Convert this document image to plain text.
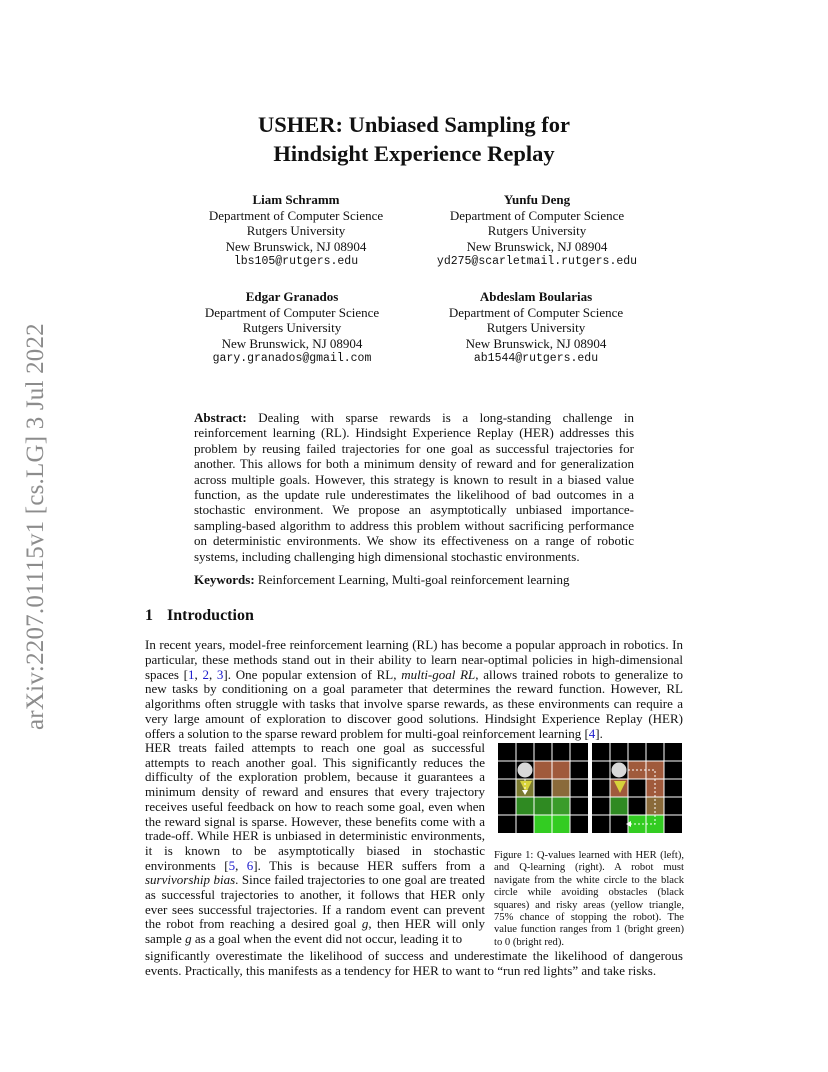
arXiv:2207.01115v1 [cs.LG] 3 Jul 2022
USHER: Unbiased Sampling for
Hindsight Experience Replay
Liam Schramm
Department of Computer Science
Rutgers University
New Brunswick, NJ 08904
lbs105@rutgers.edu
Yunfu Deng
Department of Computer Science
Rutgers University
New Brunswick, NJ 08904
yd275@scarletmail.rutgers.edu
Edgar Granados
Department of Computer Science
Rutgers University
New Brunswick, NJ 08904
gary.granados@gmail.com
Abdeslam Boularias
Department of Computer Science
Rutgers University
New Brunswick, NJ 08904
ab1544@rutgers.edu
Abstract: Dealing with sparse rewards is a long-standing challenge in reinforcement learning (RL). Hindsight Experience Replay (HER) addresses this problem by reusing failed trajectories for one goal as successful trajectories for another. This allows for both a minimum density of reward and for generalization across multiple goals. However, this strategy is known to result in a biased value function, as the update rule underestimates the likelihood of bad outcomes in a stochastic environment. We propose an asymptotically unbiased importance-sampling-based algorithm to address this problem without sacrificing performance on deterministic environments. We show its effectiveness on a range of robotic systems, including challenging high dimensional stochastic environments.
Keywords: Reinforcement Learning, Multi-goal reinforcement learning
1 Introduction
In recent years, model-free reinforcement learning (RL) has become a popular approach in robotics. In particular, these methods stand out in their ability to learn near-optimal policies in high-dimensional spaces [1, 2, 3]. One popular extension of RL, multi-goal RL, allows trained robots to generalize to new tasks by conditioning on a goal parameter that determines the reward function. However, RL algorithms often struggle with tasks that involve sparse rewards, as these environments can require a very large amount of exploration to discover good solutions. Hindsight Experience Replay (HER) offers a solution to the sparse reward problem for multi-goal reinforcement learning [4].
HER treats failed attempts to reach one goal as successful attempts to reach another goal. This significantly reduces the difficulty of the exploration problem, because it guarantees a minimum density of reward and ensures that every trajectory receives useful feedback on how to reach some goal, even when the reward signal is sparse. However, these benefits come with a trade-off. While HER is unbiased in deterministic environments, it is known to be asymptotically biased in stochastic environments [5, 6]. This is because HER suffers from a survivorship bias. Since failed trajectories to one goal are treated as successful trajectories to another, it follows that HER only ever sees successful trajectories. If a random event can prevent the robot from reaching a desired goal g, then HER will only sample g as a goal when the event did not occur, leading it to
significantly overestimate the likelihood of success and underestimate the likelihood of dangerous events. Practically, this manifests as a tendency for HER to want to “run red lights” and take risks.
Figure 1: Q-values learned with HER (left), and Q-learning (right). A robot must navigate from the white circle to the black circle while avoiding obstacles (black squares) and risky areas (yellow triangle, 75% chance of stopping the robot). The value function ranges from 1 (bright green) to 0 (bright red).
